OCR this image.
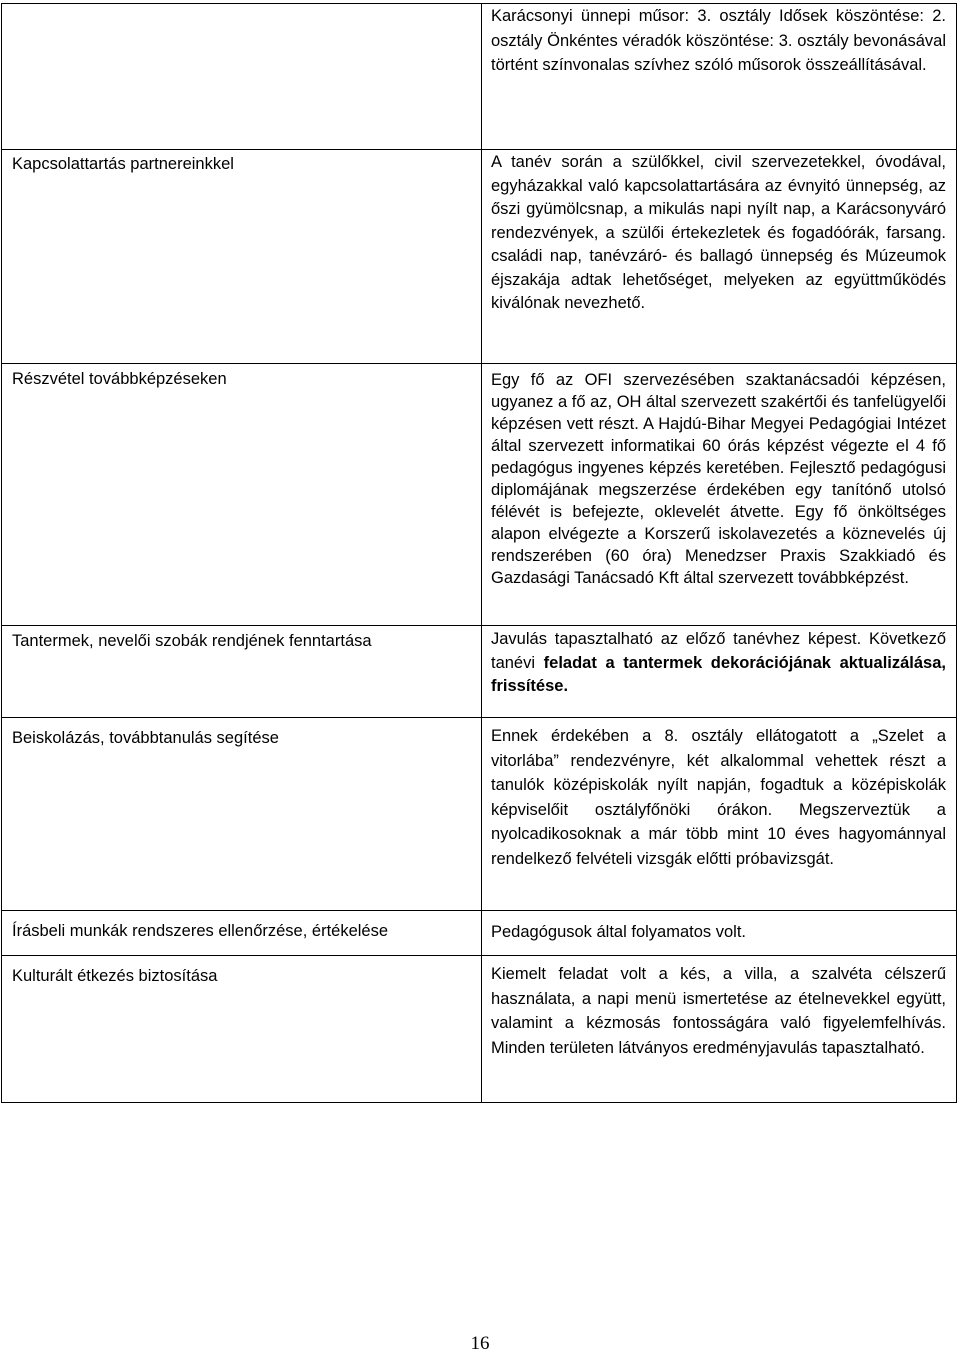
	Karácsonyi ünnepi műsor: 3. osztály Idősek köszöntése: 2. osztály Önkéntes véradók köszöntése: 3. osztály bevonásával történt színvonalas szívhez szóló műsorok összeállításával.

Kapcsolattartás partnereinkkel	A tanév során a szülőkkel, civil szervezetekkel, óvodával, egyházakkal való kapcsolattartására az évnyitó ünnepség, az őszi gyümölcsnap, a mikulás napi nyílt nap, a Karácsonyváró rendezvények, a szülői értekezletek és fogadóórák, farsang. családi nap, tanévzáró- és ballagó ünnepség és Múzeumok éjszakája adtak lehetőséget, melyeken az együttműködés kiválónak nevezhető.

Részvétel továbbképzéseken	Egy fő az OFI szervezésében szaktanácsadói képzésen, ugyanez a fő az, OH által szervezett szakértői és tanfelügyelői képzésen vett részt. A Hajdú-Bihar Megyei Pedagógiai Intézet által szervezett informatikai 60 órás képzést végezte el 4 fő pedagógus ingyenes képzés keretében. Fejlesztő pedagógusi diplomájának megszerzése érdekében egy tanítónő utolsó félévét is befejezte, oklevelét átvette. Egy fő önköltséges alapon elvégezte a Korszerű iskolavezetés a köznevelés új rendszerében (60 óra) Menedzser Praxis Szakkiadó és Gazdasági Tanácsadó Kft által szervezett továbbképzést.

Tantermek, nevelői szobák rendjének fenntartása	Javulás tapasztalható az előző tanévhez képest. Következő tanévi feladat a tantermek dekorációjának aktualizálása, frissítése.

Beiskolázás, továbbtanulás segítése	Ennek érdekében a 8. osztály ellátogatott a „Szelet a vitorlába” rendezvényre, két alkalommal vehettek részt a tanulók középiskolák nyílt napján, fogadtuk a középiskolák képviselőit osztályfőnöki órákon. Megszerveztük a nyolcadikosoknak a már több mint 10 éves hagyománnyal rendelkező felvételi vizsgák előtti próbavizsgát.

Írásbeli munkák rendszeres ellenőrzése, értékelése	Pedagógusok által folyamatos volt.

Kulturált étkezés biztosítása	Kiemelt feladat volt a kés, a villa, a szalvéta célszerű használata, a napi menü ismertetése az ételnevekkel együtt, valamint a kézmosás fontosságára való figyelemfelhívás. Minden területen látványos eredményjavulás tapasztalható.
16
